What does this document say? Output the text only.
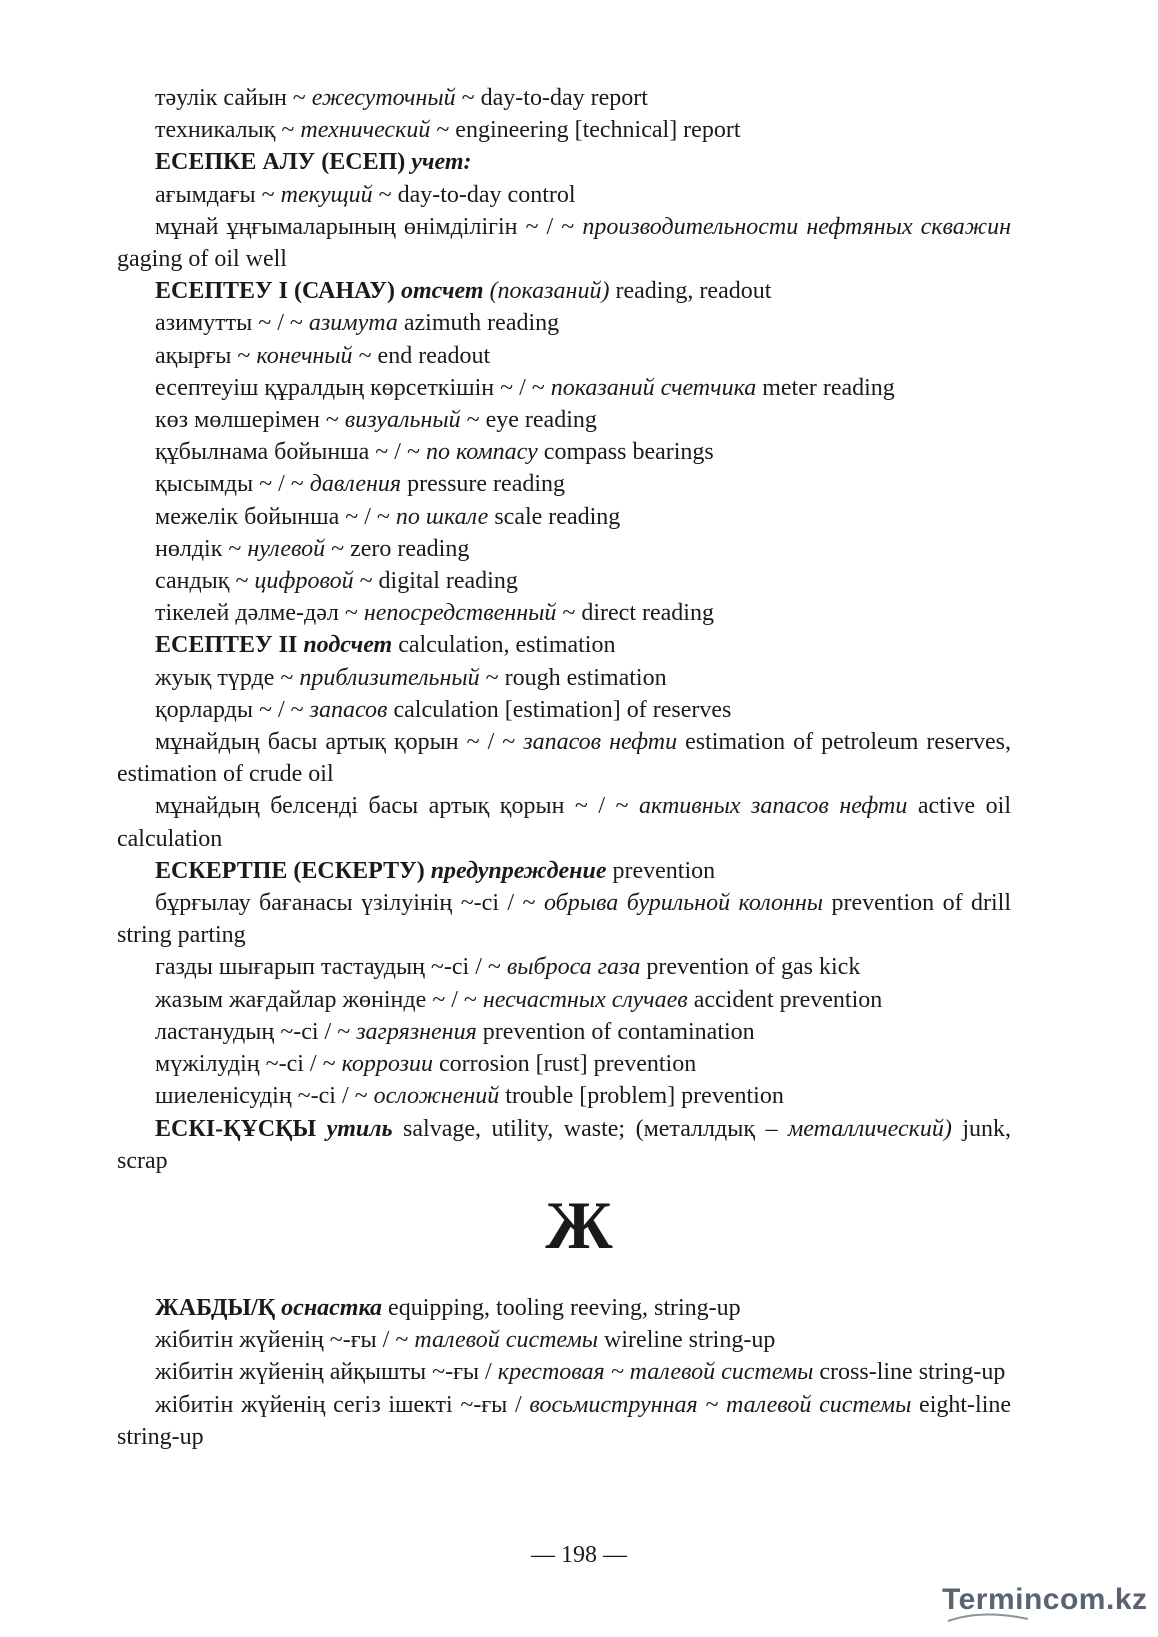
тәулік сайын ~ ежесуточный ~ day-to-day report

техникалық ~ технический ~ engineering [technical] report

ЕСЕПКЕ АЛУ (ЕСЕП) учет:

ағымдағы ~ текущий ~ day-to-day control

мұнай ұңғымаларының өнімділігін ~ / ~ производительности нефтяных скважин gaging of oil well

ЕСЕПТЕУ I (САНАУ) отсчет (показаний) reading, readout

азимутты ~ / ~ азимута azimuth reading

ақырғы ~ конечный ~ end readout

есептеуіш құралдың көрсеткішін ~ / ~ показаний счетчика meter reading

көз мөлшерімен ~ визуальный ~ eye reading

құбылнама бойынша ~ / ~ по компасу compass bearings

қысымды ~ / ~ давления pressure reading

межелік бойынша ~ / ~ по шкале scale reading

нөлдік ~ нулевой ~ zero reading

сандық ~ цифровой ~ digital reading

тікелей дәлме-дәл ~ непосредственный ~ direct reading

ЕСЕПТЕУ II подсчет calculation, estimation

жуық түрде ~ приблизительный ~ rough estimation

қорларды ~ / ~ запасов calculation [estimation] of reserves

мұнайдың басы артық қорын ~ / ~ запасов нефти estimation of petroleum reserves, estimation of crude oil

мұнайдың белсенді басы артық қорын ~ / ~ активных запасов нефти active oil calculation

ЕСКЕРТПЕ (ЕСКЕРТУ) предупреждение prevention

бұрғылау бағанасы үзілуінің ~-сі / ~ обрыва бурильной колонны prevention of drill string parting

газды шығарып тастаудың ~-сі / ~ выброса газа prevention of gas kick

жазым жағдайлар жөнінде ~ / ~ несчастных случаев accident prevention

ластанудың ~-сі / ~ загрязнения prevention of contamination

мүжілудің ~-сі / ~ коррозии corrosion [rust] prevention

шиеленісудің ~-сі / ~ осложнений trouble [problem] prevention

ЕСКІ-ҚҰСҚЫ утиль salvage, utility, waste; (металлдық – металлический) junk, scrap

Ж

ЖАБДЫ/Қ оснастка equipping, tooling reeving, string-up

жібитін жүйенің ~-ғы / ~ талевой системы wireline string-up

жібитін жүйенің айқышты ~-ғы / крестовая ~ талевой системы cross-line string-up

жібитін жүйенің сегіз ішекті ~-ғы / восьмиструнная ~ талевой системы eight-line string-up

— 198 —
Termincom.kz
